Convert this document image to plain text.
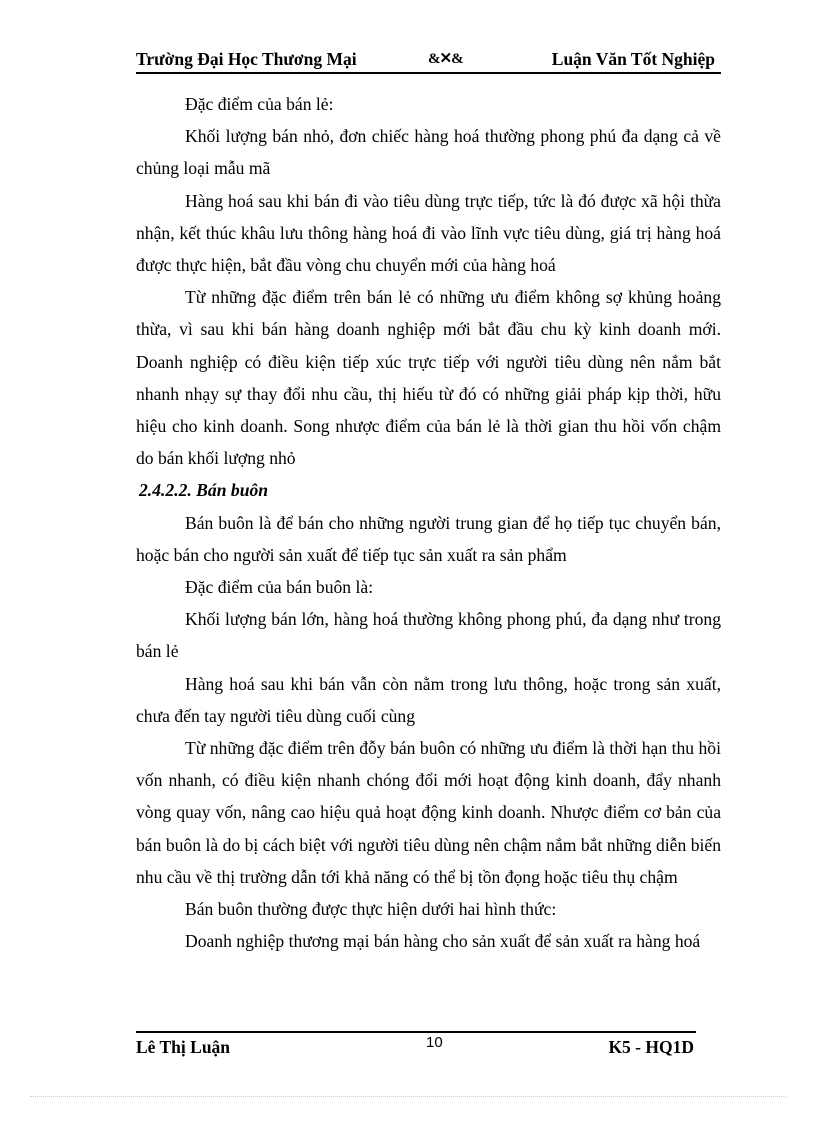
Trường Đại Học Thương Mại	&✕&	Luận Văn Tốt Nghiệp

Đặc điểm của bán lẻ:

Khối lượng bán nhỏ, đơn chiếc hàng hoá thường phong phú đa dạng cả về chủng loại mẫu mã

Hàng hoá sau khi bán đi vào tiêu dùng trực tiếp, tức là đó được xã hội thừa nhận, kết thúc khâu lưu thông hàng hoá đi vào lĩnh vực tiêu dùng, giá trị hàng hoá được thực hiện, bắt đầu vòng chu chuyển mới của hàng hoá

Từ những đặc điểm trên bán lẻ có những ưu điểm không sợ khủng hoảng thừa, vì sau khi bán hàng doanh nghiệp mới bắt đầu chu kỳ kinh doanh mới. Doanh nghiệp có điều kiện tiếp xúc trực tiếp với người tiêu dùng nên nắm bắt nhanh nhạy sự thay đổi nhu cầu, thị hiếu từ đó có những giải pháp kịp thời, hữu hiệu cho kinh doanh. Song nhược điểm của bán lẻ là thời gian thu hồi vốn chậm do bán khối lượng nhỏ

2.4.2.2. Bán buôn

Bán buôn là để bán cho những người trung gian để họ tiếp tục chuyển bán, hoặc bán cho người sản xuất để tiếp tục sản xuất ra sản phẩm

Đặc điểm của bán buôn là:

Khối lượng bán lớn, hàng hoá thường không phong phú, đa dạng như trong bán lẻ

Hàng hoá sau khi bán vẫn còn nằm trong lưu thông, hoặc trong sản xuất, chưa đến tay người tiêu dùng cuối cùng

Từ những đặc điểm trên đỗy bán buôn có những ưu điểm là thời hạn thu hồi vốn nhanh, có điều kiện nhanh chóng đổi mới hoạt động kinh doanh, đẩy nhanh vòng quay vốn, nâng cao hiệu quả hoạt động kinh doanh. Nhược điểm cơ bản của bán buôn là do bị cách biệt với người tiêu dùng nên chậm nắm bắt những diễn biến nhu cầu về thị trường dẫn tới khả năng có thể bị tồn đọng hoặc tiêu thụ chậm

Bán buôn thường được thực hiện dưới hai hình thức:

Doanh nghiệp thương mại bán hàng cho sản xuất để sản xuất ra hàng hoá

Lê Thị Luận	10	K5 - HQ1D
